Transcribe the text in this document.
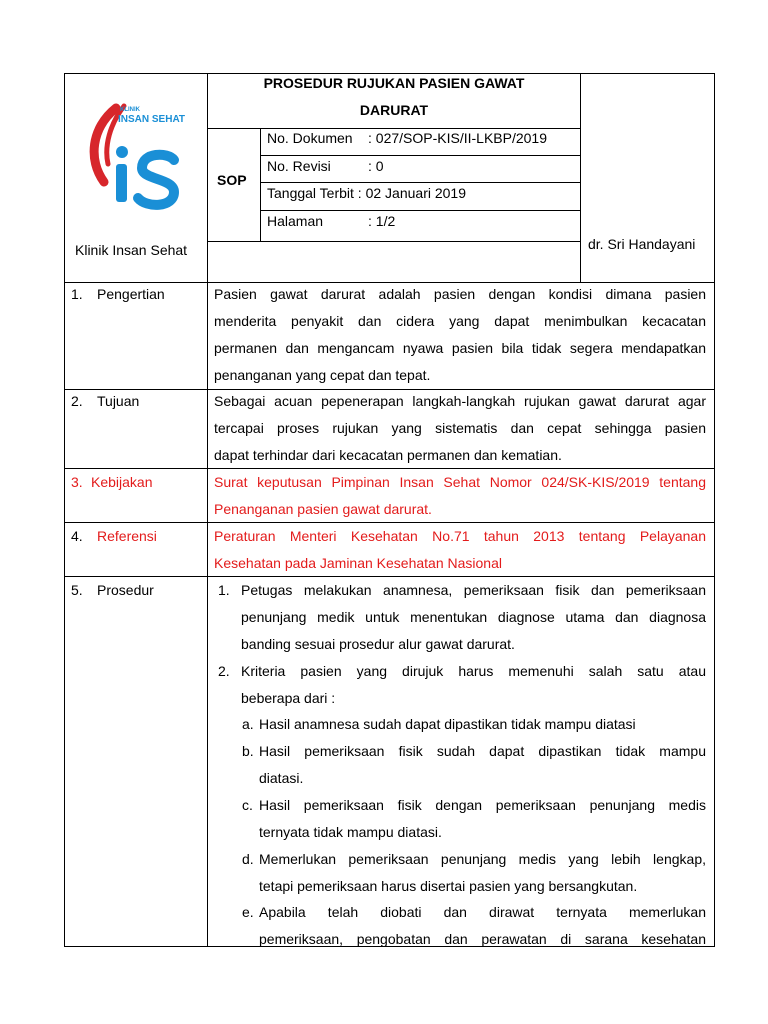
KLINIK
INSAN SEHAT
Klinik Insan Sehat
PROSEDUR RUJUKAN PASIEN GAWAT
DARURAT
SOP
No. Dokumen : 027/SOP-KIS/II-LKBP/2019
No. Revisi	: 0
Tanggal Terbit : 02 Januari 2019
Halaman	: 1/2
dr. Sri Handayani
1. Pengertian	Pasien gawat darurat adalah pasien dengan kondisi dimana pasien
menderita penyakit dan cidera yang dapat menimbulkan kecacatan
permanen dan mengancam nyawa pasien bila tidak segera mendapatkan
penanganan yang cepat dan tepat.
2. Tujuan	Sebagai acuan pepenerapan langkah-langkah rujukan gawat darurat agar
tercapai proses rujukan yang sistematis dan cepat sehingga pasien
dapat terhindar dari kecacatan permanen dan kematian.
3. Kebijakan	Surat keputusan Pimpinan Insan Sehat Nomor 024/SK-KIS/2019 tentang
Penanganan pasien gawat darurat.
4. Referensi	Peraturan Menteri Kesehatan No.71 tahun 2013 tentang Pelayanan
Kesehatan pada Jaminan Kesehatan Nasional
5. Prosedur	1. Petugas melakukan anamnesa, pemeriksaan fisik dan pemeriksaan
penunjang medik untuk menentukan diagnose utama dan diagnosa
banding sesuai prosedur alur gawat darurat.
2. Kriteria pasien yang dirujuk harus memenuhi salah satu atau
beberapa dari :
a. Hasil anamnesa sudah dapat dipastikan tidak mampu diatasi
b. Hasil pemeriksaan fisik sudah dapat dipastikan tidak mampu
diatasi.
c. Hasil pemeriksaan fisik dengan pemeriksaan penunjang medis
ternyata tidak mampu diatasi.
d. Memerlukan pemeriksaan penunjang medis yang lebih lengkap,
tetapi pemeriksaan harus disertai pasien yang bersangkutan.
e. Apabila telah diobati dan dirawat ternyata memerlukan
pemeriksaan, pengobatan dan perawatan di sarana kesehatan
